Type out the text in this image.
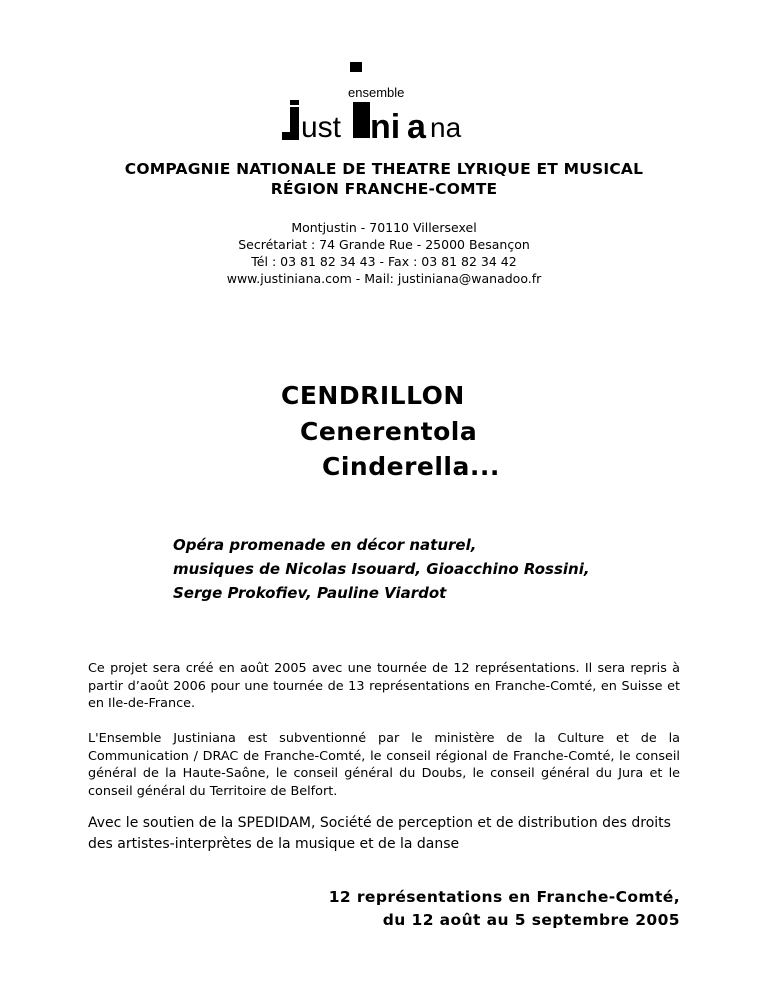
ensemble
ust ni a na
COMPAGNIE NATIONALE DE THEATRE LYRIQUE ET MUSICAL
RÉGION FRANCHE-COMTE
Montjustin - 70110 Villersexel
Secrétariat : 74 Grande Rue - 25000 Besançon
Tél : 03 81 82 34 43 - Fax : 03 81 82 34 42
www.justiniana.com - Mail: justiniana@wanadoo.fr
CENDRILLON
Cenerentola
Cinderella...
Opéra promenade en décor naturel,
musiques de Nicolas Isouard, Gioacchino Rossini,
Serge Prokofiev, Pauline Viardot
Ce projet sera créé en août 2005 avec une tournée de 12 représentations. Il sera repris à partir d’août 2006 pour une tournée de 13 représentations en Franche-Comté, en Suisse et en Ile-de-France.
L'Ensemble Justiniana est subventionné par le ministère de la Culture et de la Communication / DRAC de Franche-Comté, le conseil régional de Franche-Comté, le conseil général de la Haute-Saône, le conseil général du Doubs, le conseil général du Jura et le conseil général du Territoire de Belfort.
Avec le soutien de la SPEDIDAM, Société de perception et de distribution des droits des artistes-interprètes de la musique et de la danse
12 représentations en Franche-Comté,
du 12 août au 5 septembre 2005
